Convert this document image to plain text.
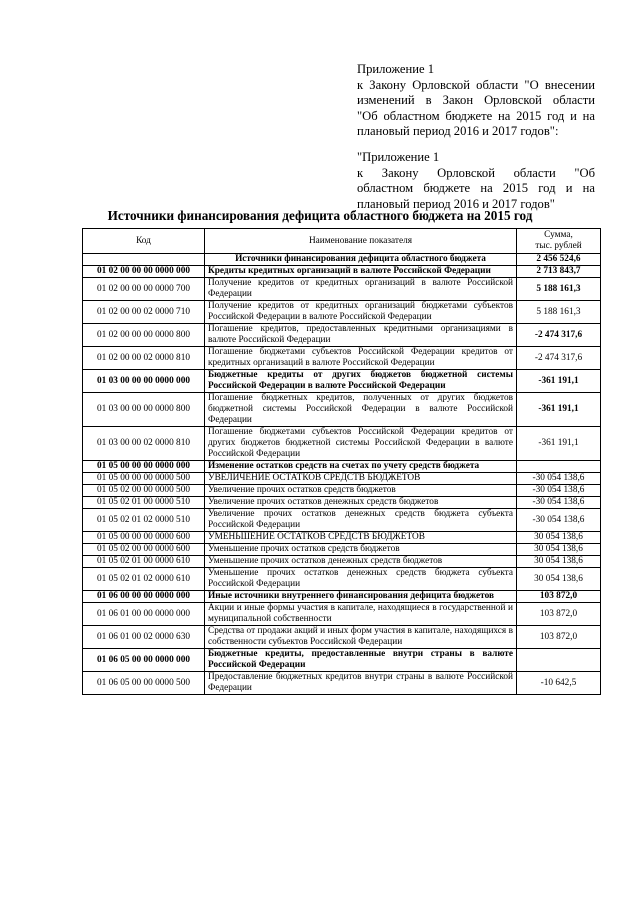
Приложение 1
к Закону Орловской области "О внесении
изменений в Закон Орловской области
"Об областном бюджете на 2015 год и на
плановый период 2016 и 2017 годов":

"Приложение 1
к Закону Орловской области "Об
областном бюджете на 2015 год и на
плановый период 2016 и 2017 годов"

Источники финансирования дефицита областного бюджета на 2015 год
Код	Наименование показателя	Сумма,
тыс. рублей

	Источники финансирования дефицита областного бюджета	2 456 524,6
01 02 00 00 00 0000 000	Кредиты кредитных организаций в валюте Российской Федерации	2 713 843,7
01 02 00 00 00 0000 700	Получение кредитов от кредитных организаций в валюте Российской Федерации	5 188 161,3
01 02 00 00 02 0000 710	Получение кредитов от кредитных организаций бюджетами субъектов Российской Федерации в валюте Российской Федерации	5 188 161,3
01 02 00 00 00 0000 800	Погашение кредитов, предоставленных кредитными организациями в валюте Российской Федерации	-2 474 317,6
01 02 00 00 02 0000 810	Погашение бюджетами субъектов Российской Федерации кредитов от кредитных организаций в валюте Российской Федерации	-2 474 317,6
01 03 00 00 00 0000 000	Бюджетные кредиты от других бюджетов бюджетной системы Российской Федерации в валюте Российской Федерации	-361 191,1
01 03 00 00 00 0000 800	Погашение бюджетных кредитов, полученных от других бюджетов бюджетной системы Российской Федерации в валюте Российской Федерации	-361 191,1
01 03 00 00 02 0000 810	Погашение бюджетами субъектов Российской Федерации кредитов от других бюджетов бюджетной системы Российской Федерации в валюте Российской Федерации	-361 191,1
01 05 00 00 00 0000 000	Изменение остатков средств на счетах по учету средств бюджета	
01 05 00 00 00 0000 500	УВЕЛИЧЕНИЕ ОСТАТКОВ СРЕДСТВ БЮДЖЕТОВ	-30 054 138,6
01 05 02 00 00 0000 500	Увеличение прочих остатков средств бюджетов	-30 054 138,6
01 05 02 01 00 0000 510	Увеличение прочих остатков денежных средств бюджетов	-30 054 138,6
01 05 02 01 02 0000 510	Увеличение прочих остатков денежных средств бюджета субъекта Российской Федерации	-30 054 138,6
01 05 00 00 00 0000 600	УМЕНЬШЕНИЕ ОСТАТКОВ СРЕДСТВ БЮДЖЕТОВ	30 054 138,6
01 05 02 00 00 0000 600	Уменьшение прочих остатков средств бюджетов	30 054 138,6
01 05 02 01 00 0000 610	Уменьшение прочих остатков денежных средств бюджетов	30 054 138,6
01 05 02 01 02 0000 610	Уменьшение прочих остатков денежных средств бюджета субъекта Российской Федерации	30 054 138,6
01 06 00 00 00 0000 000	Иные источники внутреннего финансирования дефицита бюджетов	103 872,0
01 06 01 00 00 0000 000	Акции и иные формы участия в капитале, находящиеся в государственной и муниципальной собственности	103 872,0
01 06 01 00 02 0000 630	Средства от продажи акций и иных форм участия в капитале, находящихся в собственности субъектов Российской Федерации	103 872,0
01 06 05 00 00 0000 000	Бюджетные кредиты, предоставленные внутри страны в валюте Российской Федерации	
01 06 05 00 00 0000 500	Предоставление бюджетных кредитов внутри страны в валюте Российской Федерации	-10 642,5
